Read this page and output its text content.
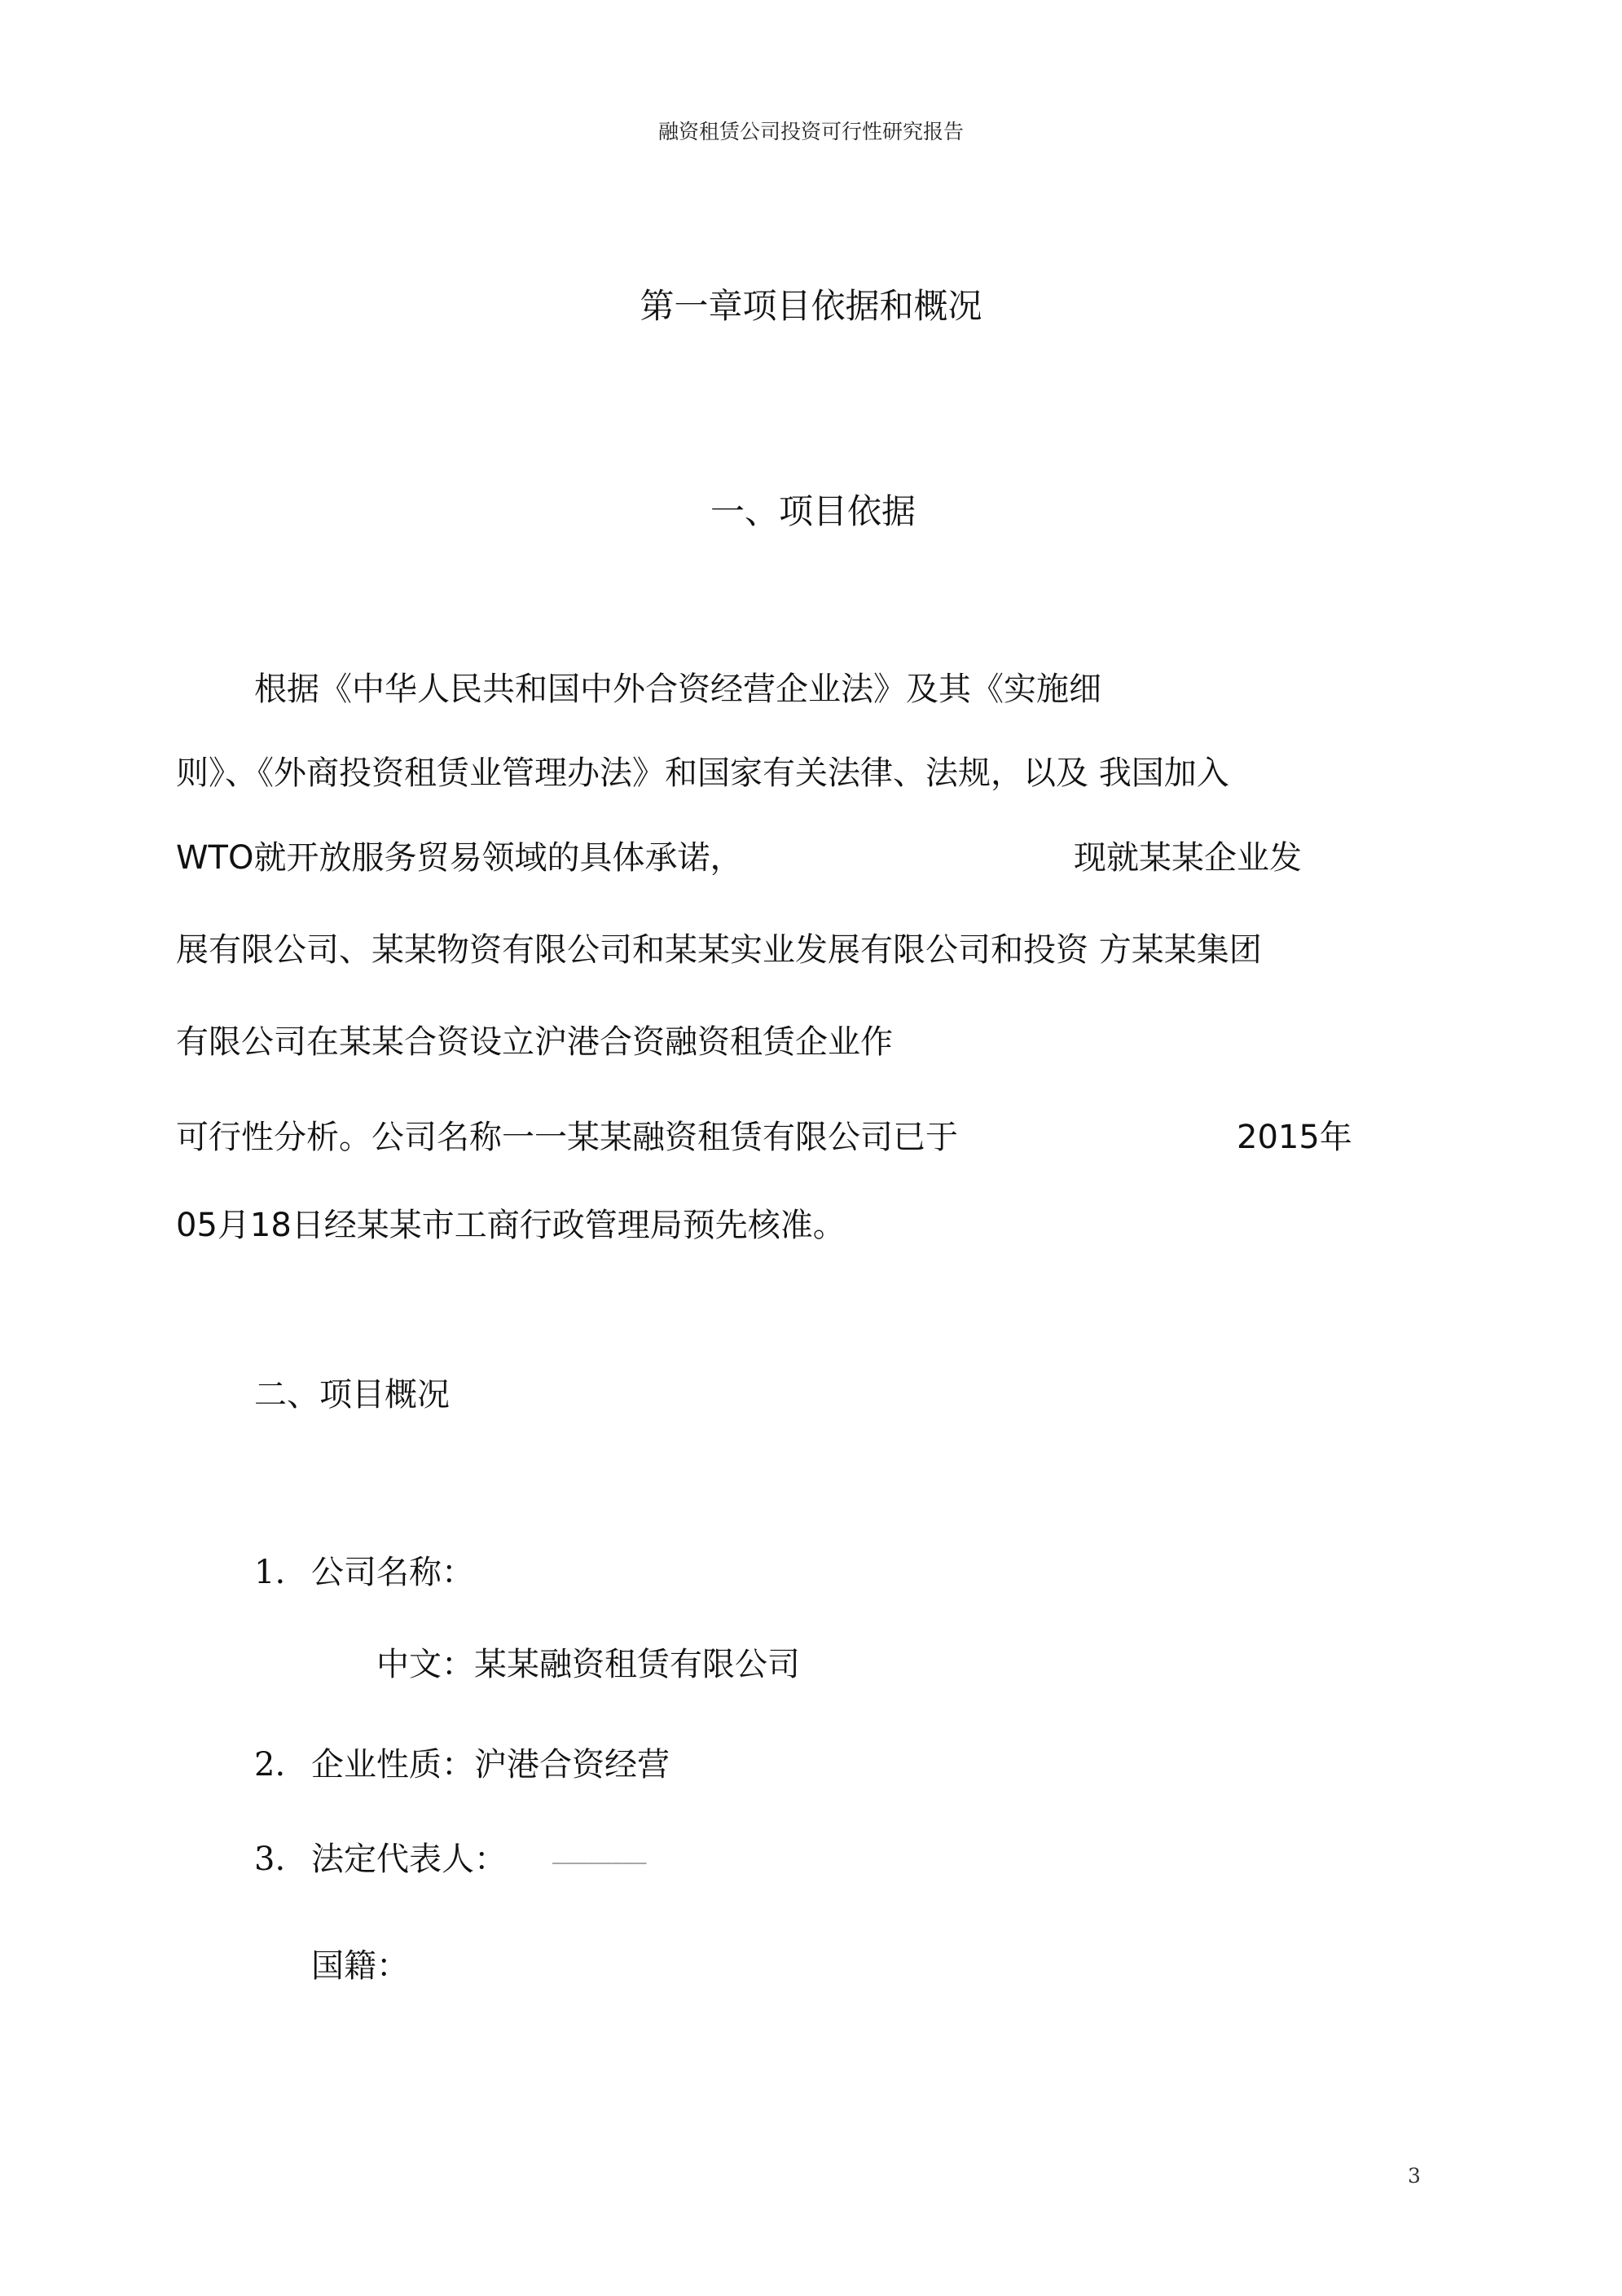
融资租赁公司投资可行性研究报告
第一章项目依据和概况
一、项目依据
根据《中华人民共和国中外合资经营企业法》及其《实施细
则》、《外商投资租赁业管理办法》和国家有关法律、法规，以及 我国加入
WTO就开放服务贸易领域的具体承诺，	现就某某企业发
展有限公司、某某物资有限公司和某某实业发展有限公司和投资 方某某集团
有限公司在某某合资设立沪港合资融资租赁企业作
可行性分析。公司名称一一某某融资租赁有限公司已于	2015年
05月18日经某某市工商行政管理局预先核准。
二、项目概况
1. 公司名称：
中文：某某融资租赁有限公司
2. 企业性质：沪港合资经营
3. 法定代表人： ________
国籍：
3
